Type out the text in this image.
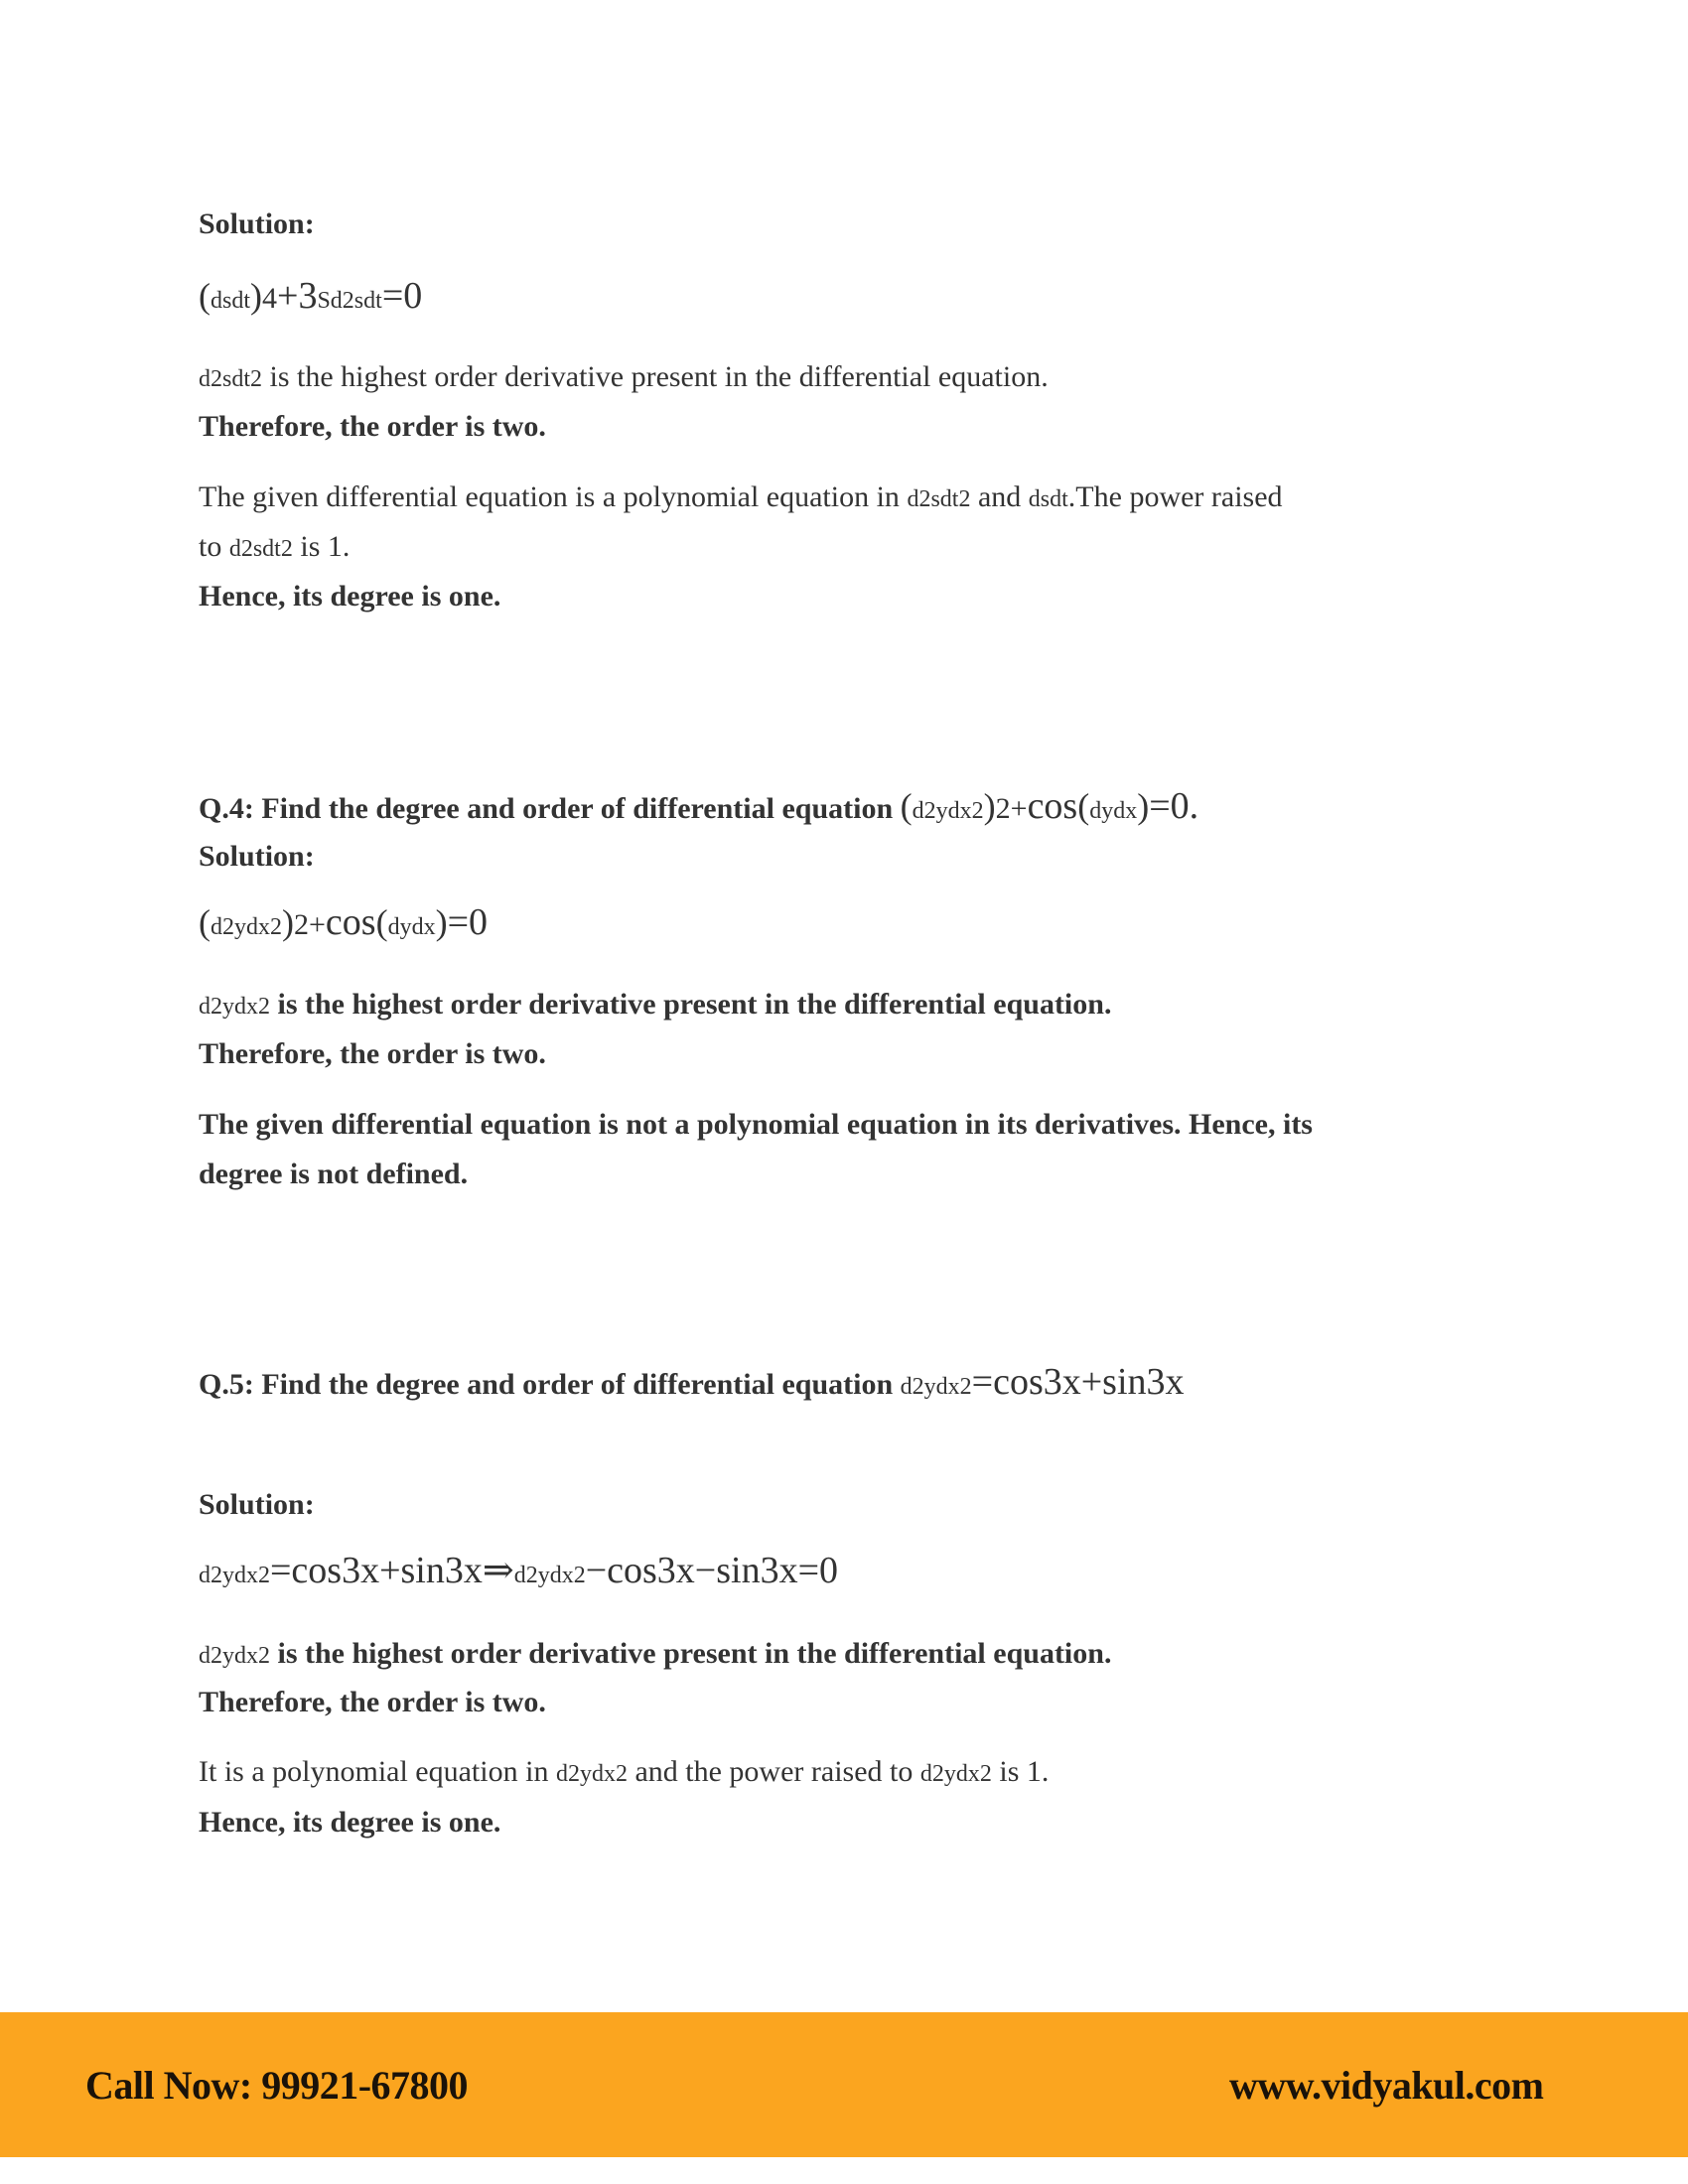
Solution:
(dsdt)4+3Sd2sdt=0
d2sdt2 is the highest order derivative present in the differential equation.
Therefore, the order is two.
The given differential equation is a polynomial equation in d2sdt2 and dsdt.The power raised
to d2sdt2 is 1.
Hence, its degree is one.
Q.4: Find the degree and order of differential equation (d2ydx2)2+cos(dydx)=0.
Solution:
(d2ydx2)2+cos(dydx)=0
d2ydx2 is the highest order derivative present in the differential equation.
Therefore, the order is two.
The given differential equation is not a polynomial equation in its derivatives. Hence, its
degree is not defined.
Q.5: Find the degree and order of differential equation d2ydx2=cos3x+sin3x
Solution:
d2ydx2=cos3x+sin3x⇒d2ydx2−cos3x−sin3x=0
d2ydx2 is the highest order derivative present in the differential equation.
Therefore, the order is two.
It is a polynomial equation in d2ydx2 and the power raised to d2ydx2 is 1.
Hence, its degree is one.
Call Now: 99921-67800	www.vidyakul.com
